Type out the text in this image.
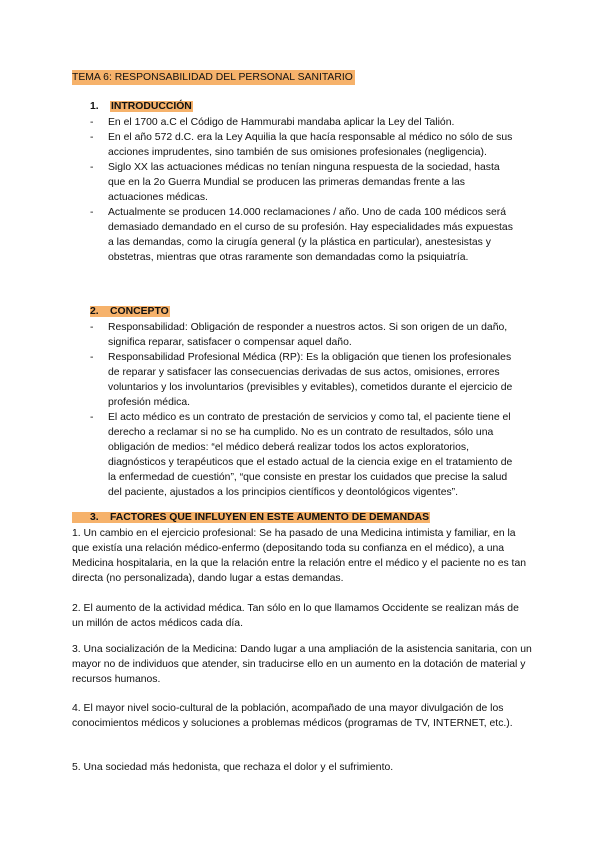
TEMA 6: RESPONSABILIDAD DEL PERSONAL SANITARIO
1. INTRODUCCIÓN
- En el 1700 a.C el Código de Hammurabi mandaba aplicar la Ley del Talión.
- En el año 572 d.C. era la Ley Aquilia la que hacía responsable al médico no sólo de sus acciones imprudentes, sino también de sus omisiones profesionales (negligencia).
- Siglo XX las actuaciones médicas no tenían ninguna respuesta de la sociedad, hasta que en la 2o Guerra Mundial se producen las primeras demandas frente a las actuaciones médicas.
- Actualmente se producen 14.000 reclamaciones / año. Uno de cada 100 médicos será demasiado demandado en el curso de su profesión. Hay especialidades más expuestas a las demandas, como la cirugía general (y la plástica en particular), anestesistas y obstetras, mientras que otras raramente son demandadas como la psiquiatría.
2. CONCEPTO
- Responsabilidad: Obligación de responder a nuestros actos. Si son origen de un daño, significa reparar, satisfacer o compensar aquel daño.
- Responsabilidad Profesional Médica (RP): Es la obligación que tienen los profesionales de reparar y satisfacer las consecuencias derivadas de sus actos, omisiones, errores voluntarios y los involuntarios (previsibles y evitables), cometidos durante el ejercicio de profesión médica.
- El acto médico es un contrato de prestación de servicios y como tal, el paciente tiene el derecho a reclamar si no se ha cumplido. No es un contrato de resultados, sólo una obligación de medios: “el médico deberá realizar todos los actos exploratorios, diagnósticos y terapéuticos que el estado actual de la ciencia exige en el tratamiento de la enfermedad de cuestión”, “que consiste en prestar los cuidados que precise la salud del paciente, ajustados a los principios científicos y deontológicos vigentes”.
3. FACTORES QUE INFLUYEN EN ESTE AUMENTO DE DEMANDAS

1. Un cambio en el ejercicio profesional: Se ha pasado de una Medicina intimista y familiar, en la que existía una relación médico-enfermo (depositando toda su confianza en el médico), a una Medicina hospitalaria, en la que la relación entre la relación entre el médico y el paciente no es tan directa (no personalizada), dando lugar a estas demandas.

2. El aumento de la actividad médica. Tan sólo en lo que llamamos Occidente se realizan más de un millón de actos médicos cada día.

3. Una socialización de la Medicina: Dando lugar a una ampliación de la asistencia sanitaria, con un mayor no de individuos que atender, sin traducirse ello en un aumento en la dotación de material y recursos humanos.

4. El mayor nivel socio-cultural de la población, acompañado de una mayor divulgación de los conocimientos médicos y soluciones a problemas médicos (programas de TV, INTERNET, etc.).

5. Una sociedad más hedonista, que rechaza el dolor y el sufrimiento.
